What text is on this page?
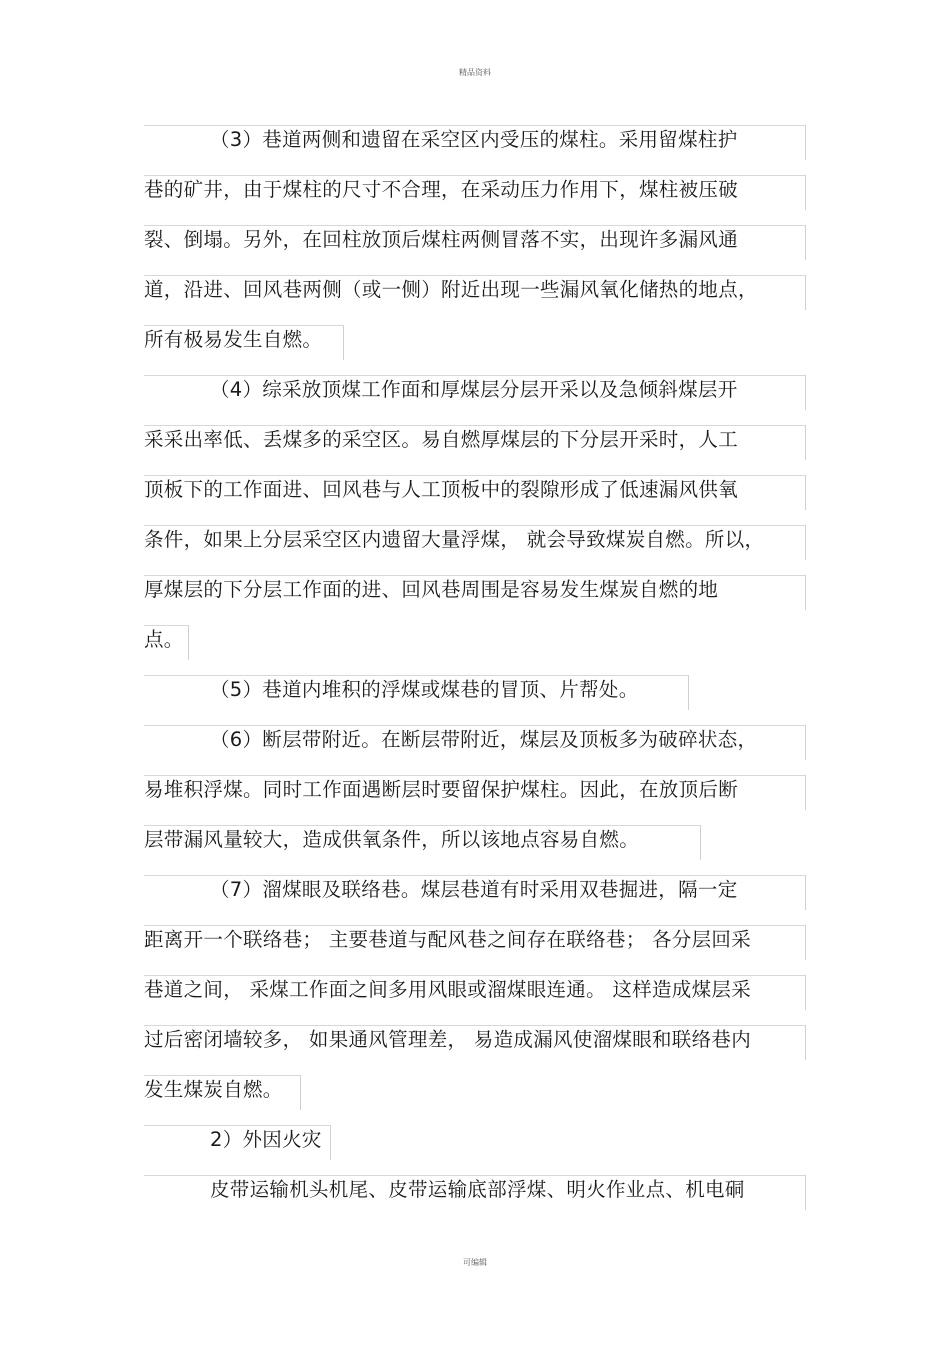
精品资料
（3）巷道两侧和遗留在采空区内受压的煤柱。采用留煤柱护
巷的矿井，由于煤柱的尺寸不合理，在采动压力作用下，煤柱被压破
裂、倒塌。另外，在回柱放顶后煤柱两侧冒落不实，出现许多漏风通
道，沿进、回风巷两侧（或一侧）附近出现一些漏风氧化储热的地点，
所有极易发生自燃。
（4）综采放顶煤工作面和厚煤层分层开采以及急倾斜煤层开
采采出率低、丢煤多的采空区。易自燃厚煤层的下分层开采时，人工
顶板下的工作面进、回风巷与人工顶板中的裂隙形成了低速漏风供氧
条件，如果上分层采空区内遗留大量浮煤， 就会导致煤炭自燃。所以，
厚煤层的下分层工作面的进、回风巷周围是容易发生煤炭自燃的地
点。
（5）巷道内堆积的浮煤或煤巷的冒顶、片帮处。
（6）断层带附近。在断层带附近，煤层及顶板多为破碎状态，
易堆积浮煤。同时工作面遇断层时要留保护煤柱。因此，在放顶后断
层带漏风量较大，造成供氧条件，所以该地点容易自燃。
（7）溜煤眼及联络巷。煤层巷道有时采用双巷掘进，隔一定
距离开一个联络巷； 主要巷道与配风巷之间存在联络巷； 各分层回采
巷道之间， 采煤工作面之间多用风眼或溜煤眼连通。 这样造成煤层采
过后密闭墙较多， 如果通风管理差， 易造成漏风使溜煤眼和联络巷内
发生煤炭自燃。
2）外因火灾
皮带运输机头机尾、皮带运输底部浮煤、明火作业点、机电硐
可编辑
